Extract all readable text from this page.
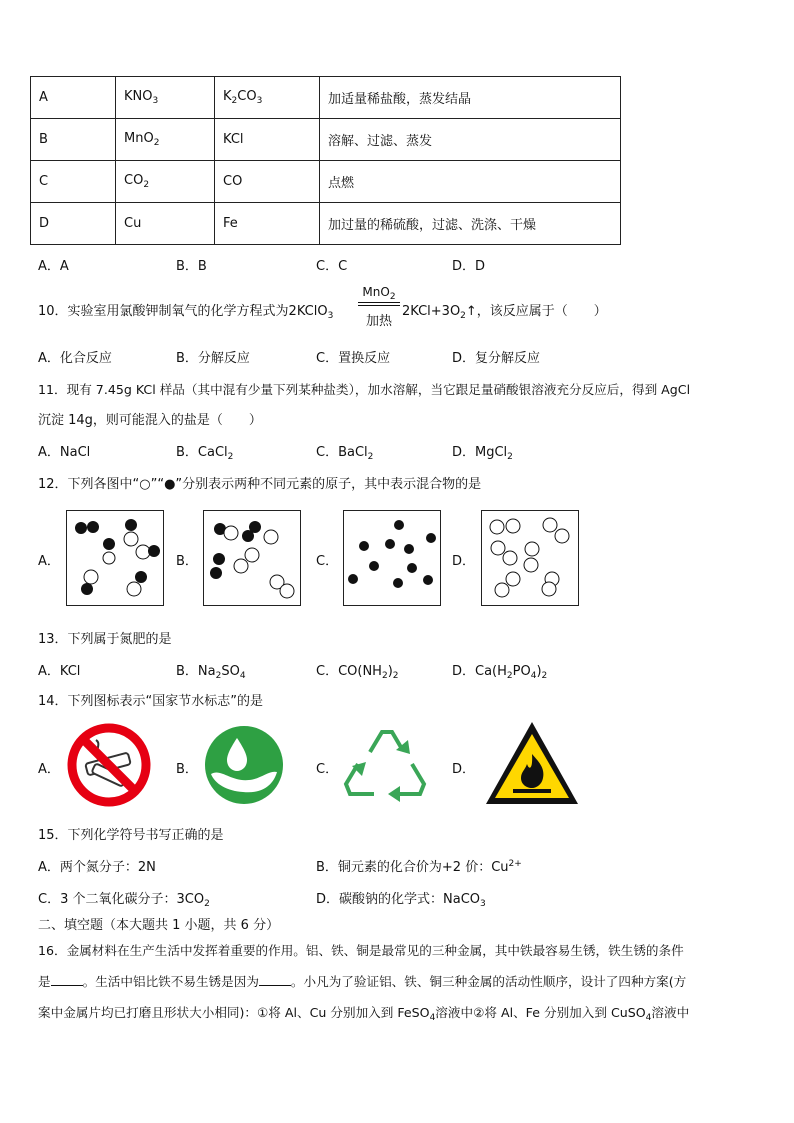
A	$KNO_3$	$K_2CO_3$	加适量稀盐酸，蒸发结晶
B	MnO$_2$	KCl	溶解、过滤、蒸发
C	$CO_2$	CO	点燃
D	Cu	Fe	加过量的稀硫酸，过滤、洗涤、干燥
A．A	B．B	C．C	D．D
10．实验室用氯酸钾制氧气的化学方程式为2KClO$_3$
MnO$_2$
加热
$2KCl+3O_2↑$，该反应属于（　　）
A．化合反应	B．分解反应	C．置换反应	D．复分解反应
11．现有 7.45g KCl 样品（其中混有少量下列某种盐类），加水溶解，当它跟足量硝酸银溶液充分反应后，得到 AgCl
沉淀 14g，则可能混入的盐是（　　）
A．NaCl	B．CaCl$_2$	C．BaCl$_2$	D．MgCl$_2$
12．下列各图中“○”“●”分别表示两种不同元素的原子，其中表示混合物的是
A．	B．	C．	D．
13．下列属于氮肥的是
A．KCl	B．$Na_2SO_4$	C．$CO(NH_2)_2$	D．$Ca(H_2PO_4)_2$
14．下列图标表示“国家节水标志”的是
A．	B．	C．	D．
15．下列化学符号书写正确的是
A．两个氮分子：2N	B．铜元素的化合价为+2 价：$Cu^{2+}$
C．3 个二氧化碳分子：$3CO_2$	D．碳酸钠的化学式：NaCO$_3$
二、填空题（本大题共 1 小题，共 6 分）
16．金属材料在生产生活中发挥着重要的作用。铝、铁、铜是最常见的三种金属，其中铁最容易生锈，铁生锈的条件
是	。生活中铝比铁不易生锈是因为	。小凡为了验证铝、铁、铜三种金属的活动性顺序，设计了四种方案(方
案中金属片均已打磨且形状大小相同)：①将 Al、Cu 分别加入到 FeSO$_4$溶液中②将 Al、Fe 分别加入到 CuSO$_4$溶液中
